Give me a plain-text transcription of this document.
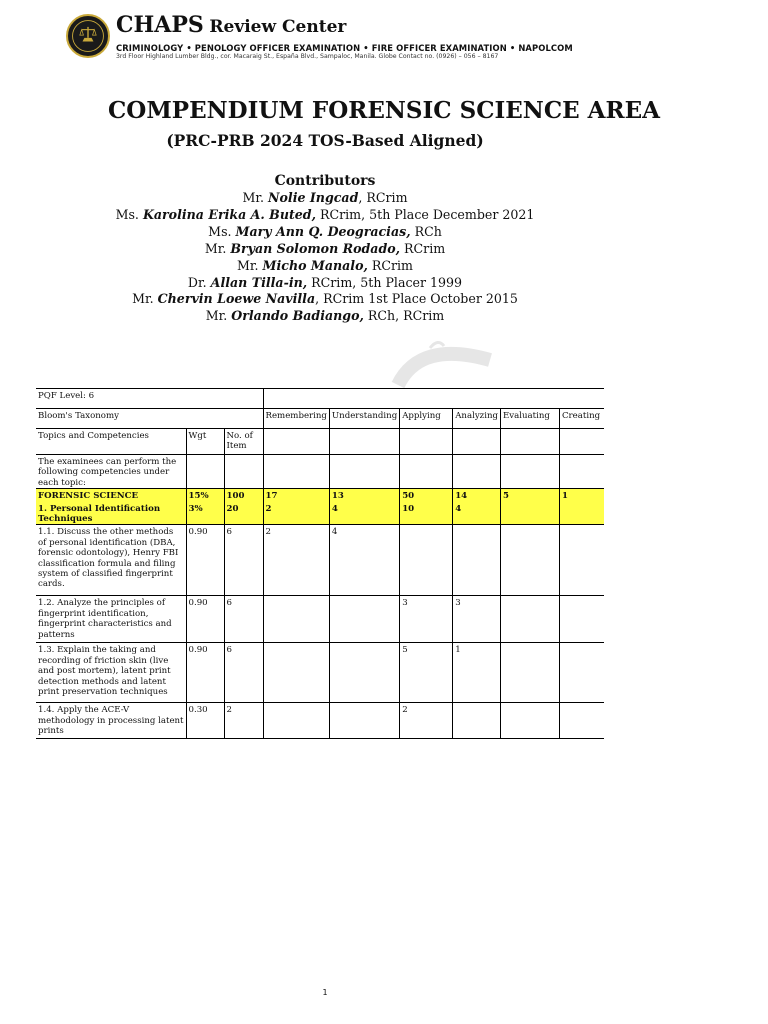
CHAPS Review Center
CRIMINOLOGY • PENOLOGY OFFICER EXAMINATION • FIRE OFFICER EXAMINATION • NAPOLCOM
3rd Floor Highland Lumber Bldg., cor. Macaraig St., España Blvd., Sampaloc, Manila. Globe Contact no. (0926) – 056 – 8167
COMPENDIUM FORENSIC SCIENCE AREA
(PRC-PRB 2024 TOS-Based Aligned)
Contributors
Mr. Nolie Ingcad, RCrim
Ms. Karolina Erika A. Buted, RCrim, 5th Place December 2021
Ms. Mary Ann Q. Deogracias, RCh
Mr. Bryan Solomon Rodado, RCrim
Mr. Micho Manalo, RCrim
Dr. Allan Tilla-in, RCrim, 5th Placer 1999
Mr. Chervin Loewe Navilla, RCrim 1st Place October 2015
Mr. Orlando Badiango, RCh, RCrim
PQF Level: 6								
Bloom's Taxonomy			Remembering	Understanding	Applying	Analyzing	Evaluating	Creating
Topics and Competencies	Wgt	No. of Item						
The examinees can perform the following competencies under each topic:								
FORENSIC SCIENCE	15%	100	17	13	50	14	5	1
1. Personal Identification Techniques	3%	20	2	4	10	4		
1.1. Discuss the other methods of personal identification (DBA, forensic odontology), Henry FBI classification formula and filing system of classified fingerprint cards.	0.90	6	2	4				
1.2. Analyze the principles of fingerprint identification, fingerprint characteristics and patterns	0.90	6			3	3		
1.3. Explain the taking and recording of friction skin (live and post mortem), latent print detection methods and latent print preservation techniques	0.90	6			5	1		
1.4. Apply the ACE-V methodology in processing latent prints	0.30	2			2			
1
